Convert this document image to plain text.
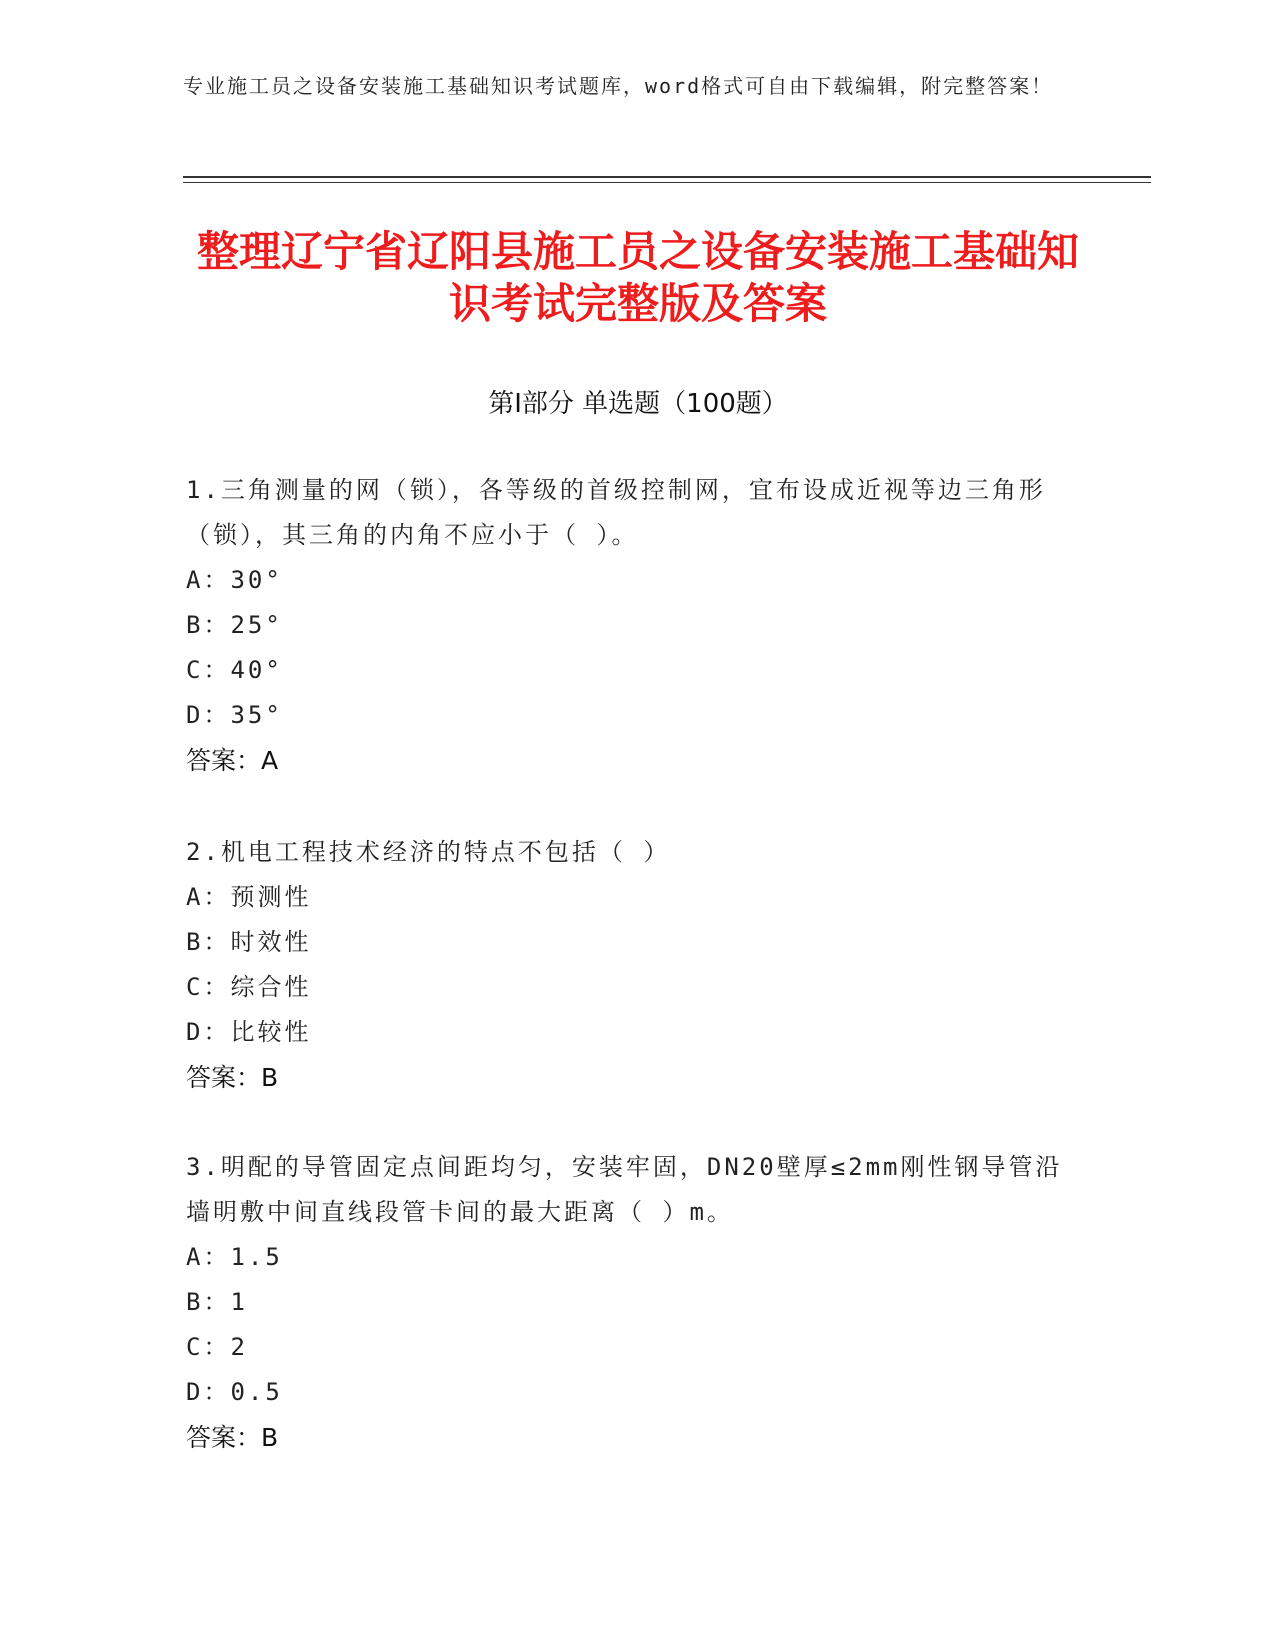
专业施工员之设备安装施工基础知识考试题库，word格式可自由下载编辑，附完整答案！
整理辽宁省辽阳县施工员之设备安装施工基础知识考试完整版及答案
第Ⅰ部分 单选题（100题）

1.三角测量的网（锁），各等级的首级控制网，宜布设成近视等边三角形（锁），其三角的内角不应小于（ ）。

A：30°

B：25°

C：40°

D：35°

答案：A

2.机电工程技术经济的特点不包括（ ）

A：预测性

B：时效性

C：综合性

D：比较性

答案：B

3.明配的导管固定点间距均匀，安装牢固，DN20壁厚≤2mm刚性钢导管沿墙明敷中间直线段管卡间的最大距离（ ）m。

A：1.5

B：1

C：2

D：0.5

答案：B
